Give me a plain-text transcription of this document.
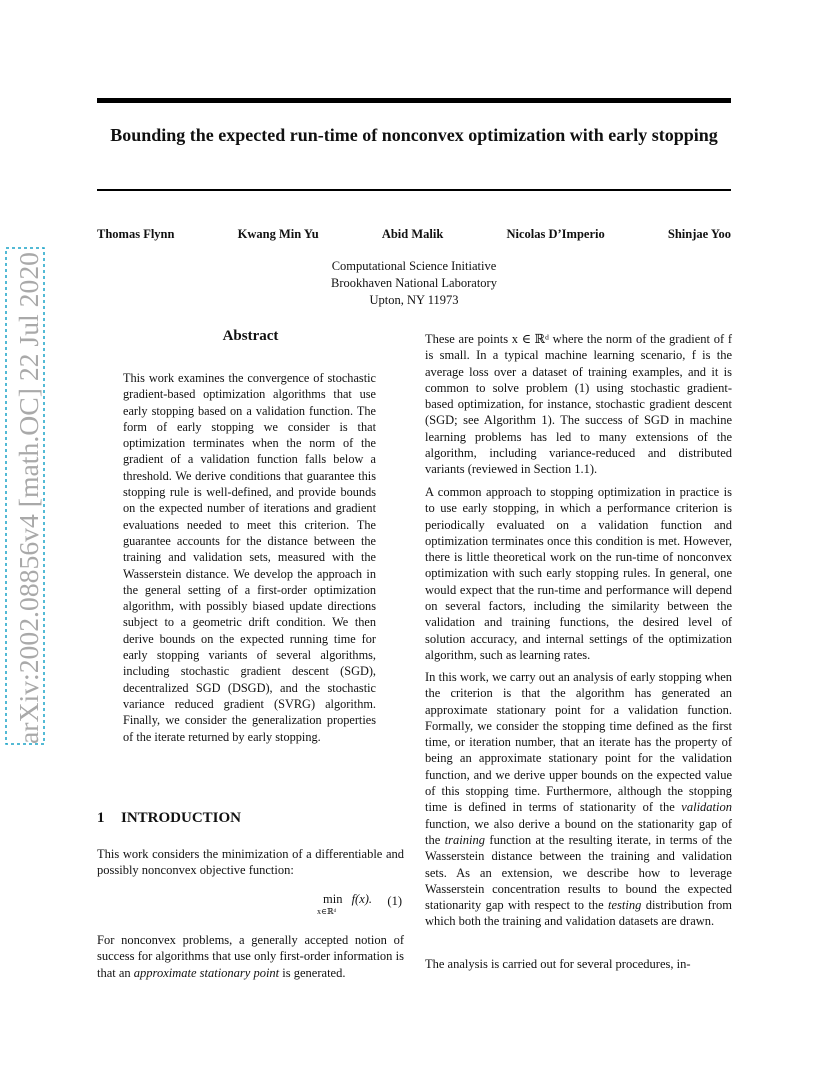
Bounding the expected run-time of nonconvex optimization with early stopping
Thomas Flynn	Kwang Min Yu	Abid Malik	Nicolas D’Imperio	Shinjae Yoo
Computational Science Initiative
Brookhaven National Laboratory
Upton, NY 11973
arXiv:2002.08856v4 [math.OC] 22 Jul 2020	Abstract

This work examines the convergence of stochastic gradient-based optimization algorithms that use early stopping based on a validation function. The form of early stopping we consider is that optimization terminates when the norm of the gradient of a validation function falls below a threshold. We derive conditions that guarantee this stopping rule is well-defined, and provide bounds on the expected number of iterations and gradient evaluations needed to meet this criterion. The guarantee accounts for the distance between the training and validation sets, measured with the Wasserstein distance. We develop the approach in the general setting of a first-order optimization algorithm, with possibly biased update directions subject to a geometric drift condition. We then derive bounds on the expected running time for early stopping variants of several algorithms, including stochastic gradient descent (SGD), decentralized SGD (DSGD), and the stochastic variance reduced gradient (SVRG) algorithm. Finally, we consider the generalization properties of the iterate returned by early stopping.

1 INTRODUCTION

This work considers the minimization of a differentiable and possibly nonconvex objective function:

min
x∈ℝᵈ
f(x). (1)

For nonconvex problems, a generally accepted notion of success for algorithms that use only first-order information is that an approximate stationary point is generated.

These are points x ∈ ℝᵈ where the norm of the gradient of f is small. In a typical machine learning scenario, f is the average loss over a dataset of training examples, and it is common to solve problem (1) using stochastic gradient-based optimization, for instance, stochastic gradient descent (SGD; see Algorithm 1). The success of SGD in machine learning problems has led to many extensions of the algorithm, including variance-reduced and distributed variants (reviewed in Section 1.1).

A common approach to stopping optimization in practice is to use early stopping, in which a performance criterion is periodically evaluated on a validation function and optimization terminates once this condition is met. However, there is little theoretical work on the run-time of nonconvex optimization with such early stopping rules. In general, one would expect that the run-time and performance will depend on several factors, including the similarity between the validation and training functions, the desired level of solution accuracy, and internal settings of the optimization algorithm, such as learning rates.

In this work, we carry out an analysis of early stopping when the criterion is that the algorithm has generated an approximate stationary point for a validation function. Formally, we consider the stopping time defined as the first time, or iteration number, that an iterate has the property of being an approximate stationary point for the validation function, and we derive upper bounds on the expected value of this stopping time. Furthermore, although the stopping time is defined in terms of stationarity of the validation function, we also derive a bound on the stationarity gap of the training function at the resulting iterate, in terms of the Wasserstein distance between the training and validation sets. As an extension, we describe how to leverage Wasserstein concentration results to bound the expected stationarity gap with respect to the testing distribution from which both the training and validation datasets are drawn.

The analysis is carried out for several procedures, in-
